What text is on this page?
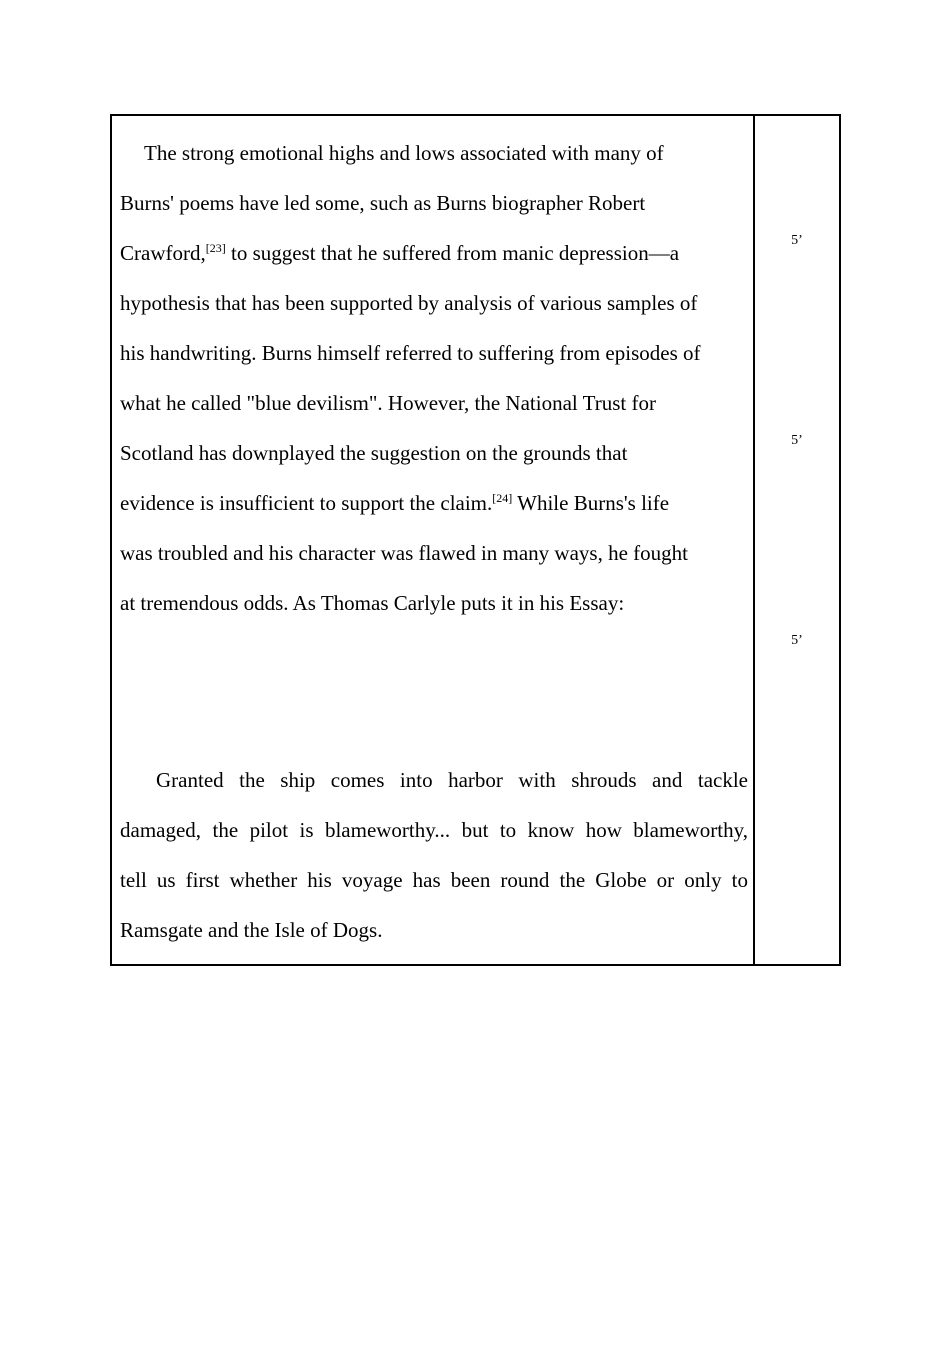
The strong emotional highs and lows associated with many of
Burns' poems have led some, such as Burns biographer Robert
Crawford,[23] to suggest that he suffered from manic depression—a
hypothesis that has been supported by analysis of various samples of
his handwriting. Burns himself referred to suffering from episodes of
what he called "blue devilism". However, the National Trust for
Scotland has downplayed the suggestion on the grounds that
evidence is insufficient to support the claim.[24] While Burns's life
was troubled and his character was flawed in many ways, he fought
at tremendous odds. As Thomas Carlyle puts it in his Essay:
Granted the ship comes into harbor with shrouds and tackle
damaged, the pilot is blameworthy... but to know how blameworthy,
tell us first whether his voyage has been round the Globe or only to
Ramsgate and the Isle of Dogs.
5’
5’
5’
